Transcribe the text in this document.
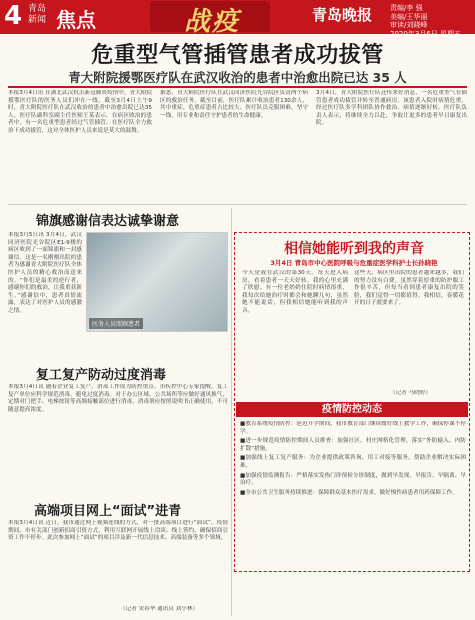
4 青岛
新闻 焦点	战疫	青岛晚报	责编/李 强
美编/王华丽
审读/刘晓峰
2020年3月6日 星期五
危重型气管插管患者成功拔管
青大附院援鄂医疗队在武汉收治的患者中治愈出院已达 35 人
本报3月4日讯 在湖北武汉抗击新冠肺炎疫情中，青大附院援鄂医疗队的医务人员们冲在一线，截至3月4日上午9时，青大附院医疗队在武汉收治的患者中治愈出院已达35人。医疗队副科室副主任医师王某表示，在病区收治的患者中，有一名危重型患者经过气管插管，在医疗队全力救治下成功拔管，这对全体医护人员来说是莫大的鼓舞。
据悉，青大附院医疗队在武汉同济医院光谷院区负责两个病区的救治任务。截至目前，医疗队累计收治患者130余人，其中重症、危重症患者占比较大。医疗队员克服困难，坚守一线，用专业和责任守护患者的生命健康。
3月4日，青大附院医疗队还传来好消息，一名危重型气管插管患者成功拔管并转至普通病房。该患者入院时病情危重，经过医疗队多学科团队协作救治，病情逐渐好转。医疗队负责人表示，将继续全力以赴，争取让更多的患者早日康复出院。
锦旗感谢信表达诚挚谢意
本报3月5日讯 3月4日，武汉同济医院光谷院区E1-9楼的病区收到了一面锦旗和一封感谢信，这是一名刚刚出院的患者为感谢青大附院医疗队全体医护人员的精心救治而送来的。“你们是最美的逆行者，感谢你们的救治，让我重获新生。”感谢信中，患者真情流露，表达了对医护人员的感激之情。
医务人员照顾患者
复工复产防动过度消毒
本报3月4日讯 随着企业复工复产，消毒工作成为防控重点。市疾控中心专家提醒，复工复产单位应科学规范消毒，避免过度消毒。对于办公区域、公共场所等应做好通风换气，定期对门把手、电梯按钮等高频接触部位进行消毒。消毒剂应按照说明书正确使用，不可随意提高浓度。
高端项目网上“面试”进青
本报3月4日讯 近日，我市通过网上视频连线的方式，对一批高端项目进行“面试”。疫情期间，市有关部门创新招商引资方式，利用互联网开展线上洽谈、线上签约，确保招商引资工作不停步。此次参加网上“面试”的项目涉及新一代信息技术、高端装备等多个领域。
（记者 宋春华 通讯员 刘小林）
相信她能听到我的声音
3月4日 青岛市中心医院呼吸与危重症医学科护士长孙晓艳
今天是我在武汉的第30天。每天进入病房，看着患者一天天好转，我的心里充满了欣慰。有一位老奶奶住院时病情很重，我每次给她治疗时都会和她聊几句，虽然她不能说话，但我相信她能听到我的声音。
这些天，病区里出院的患者越来越多，我们的努力没有白费。虽然穿着厚重的防护服工作很辛苦，但每当看到患者康复出院的笑脸，我们觉得一切都值得。我相信，春暖花开的日子就要来了。
（记者 马晓婷）
疫情防控动态
■教育系统疫情防控：延迟开学期间，我市教育部门继续做好线上教学工作，确保停课不停学。
■进一步规范疫情防控期间人员排查：加强社区、村庄网格化管理，落实“外防输入、内防扩散”措施。
■加强线上复工复产服务：为企业提供政策咨询、用工对接等服务，帮助企业解决实际困难。
■加强疫情监测报告：严格落实发热门诊预检分诊制度，做到早发现、早报告、早隔离、早治疗。
■全市公共卫生服务持续推进：保障群众基本医疗需求，做好慢性病患者用药保障工作。
